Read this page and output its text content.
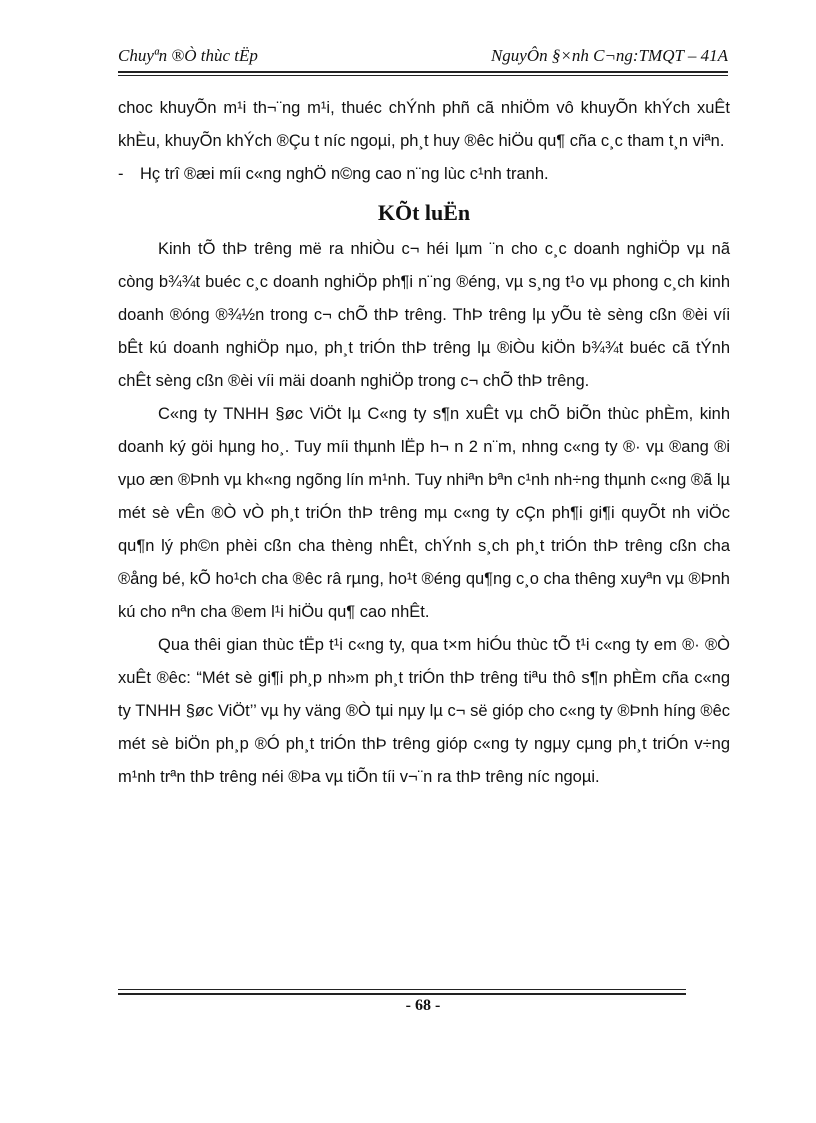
Chuyªn ®Ò thùc tËp	NguyÔn §×nh C¬ng:TMQT – 41A

choc khuyÕn m¹i th¬¨ng m¹i, thuéc chÝnh phñ cã nhiÖm vô khuyÕn khÝch xuÊt khÈu, khuyÕn khÝch ®Çu t níc ngoµi, ph¸t huy ®êc hiÖu qu¶ cña c¸c tham t¸n viªn.

- Hç trî ®æi míi c«ng nghÖ n©ng cao n¨ng lùc c¹nh tranh.

KÕt luËn

Kinh tÕ thÞ trêng më ra nhiÒu c¬ héi lµm ¨n cho c¸c doanh nghiÖp vµ nã còng b¾¾t buéc c¸c doanh nghiÖp ph¶i n¨ng ®éng, vµ s¸ng t¹o vµ phong c¸ch kinh doanh ®óng ®¾½n trong c¬ chÕ thÞ trêng. ThÞ trêng lµ yÕu tè sèng cßn ®èi víi bÊt kú doanh nghiÖp nµo, ph¸t triÓn thÞ trêng lµ ®iÒu kiÖn b¾¾t buéc cã tÝnh chÊt sèng cßn ®èi víi mäi doanh nghiÖp trong c¬ chÕ thÞ trêng.

C«ng ty TNHH §øc ViÖt lµ C«ng ty s¶n xuÊt vµ chÕ biÕn thùc phÈm, kinh doanh ký göi hµng ho¸. Tuy míi thµnh lËp h¬ n 2 n¨m, nhng c«ng ty ®· vµ ®ang ®i vµo æn ®Þnh vµ kh«ng ngõng lín m¹nh. Tuy nhiªn bªn c¹nh nh÷ng thµnh c«ng ®ã lµ mét sè vÊn ®Ò vÒ ph¸t triÓn thÞ trêng mµ c«ng ty cÇn ph¶i gi¶i quyÕt nh viÖc qu¶n lý ph©n phèi cßn cha thèng nhÊt, chÝnh s¸ch ph¸t triÓn thÞ trêng cßn cha ®ång bé, kÕ ho¹ch cha ®êc râ rµng, ho¹t ®éng qu¶ng c¸o cha thêng xuyªn vµ ®Þnh kú cho nªn cha ®em l¹i hiÖu qu¶ cao nhÊt.

Qua thêi gian thùc tËp t¹i c«ng ty, qua t×m hiÓu thùc tÕ t¹i c«ng ty em ®· ®Ò xuÊt ®êc: “Mét sè gi¶i ph¸p nh»m ph¸t triÓn thÞ trêng tiªu thô s¶n phÈm cña c«ng ty TNHH §øc ViÖt’’ vµ hy väng ®Ò tµi nµy lµ c¬ së gióp cho c«ng ty ®Þnh híng ®êc mét sè biÖn ph¸p ®Ó ph¸t triÓn thÞ trêng gióp c«ng ty ngµy cµng ph¸t triÓn v÷ng m¹nh trªn thÞ trêng néi ®Þa vµ tiÕn tíi v¬¨n ra thÞ trêng níc ngoµi.

- 68 -
